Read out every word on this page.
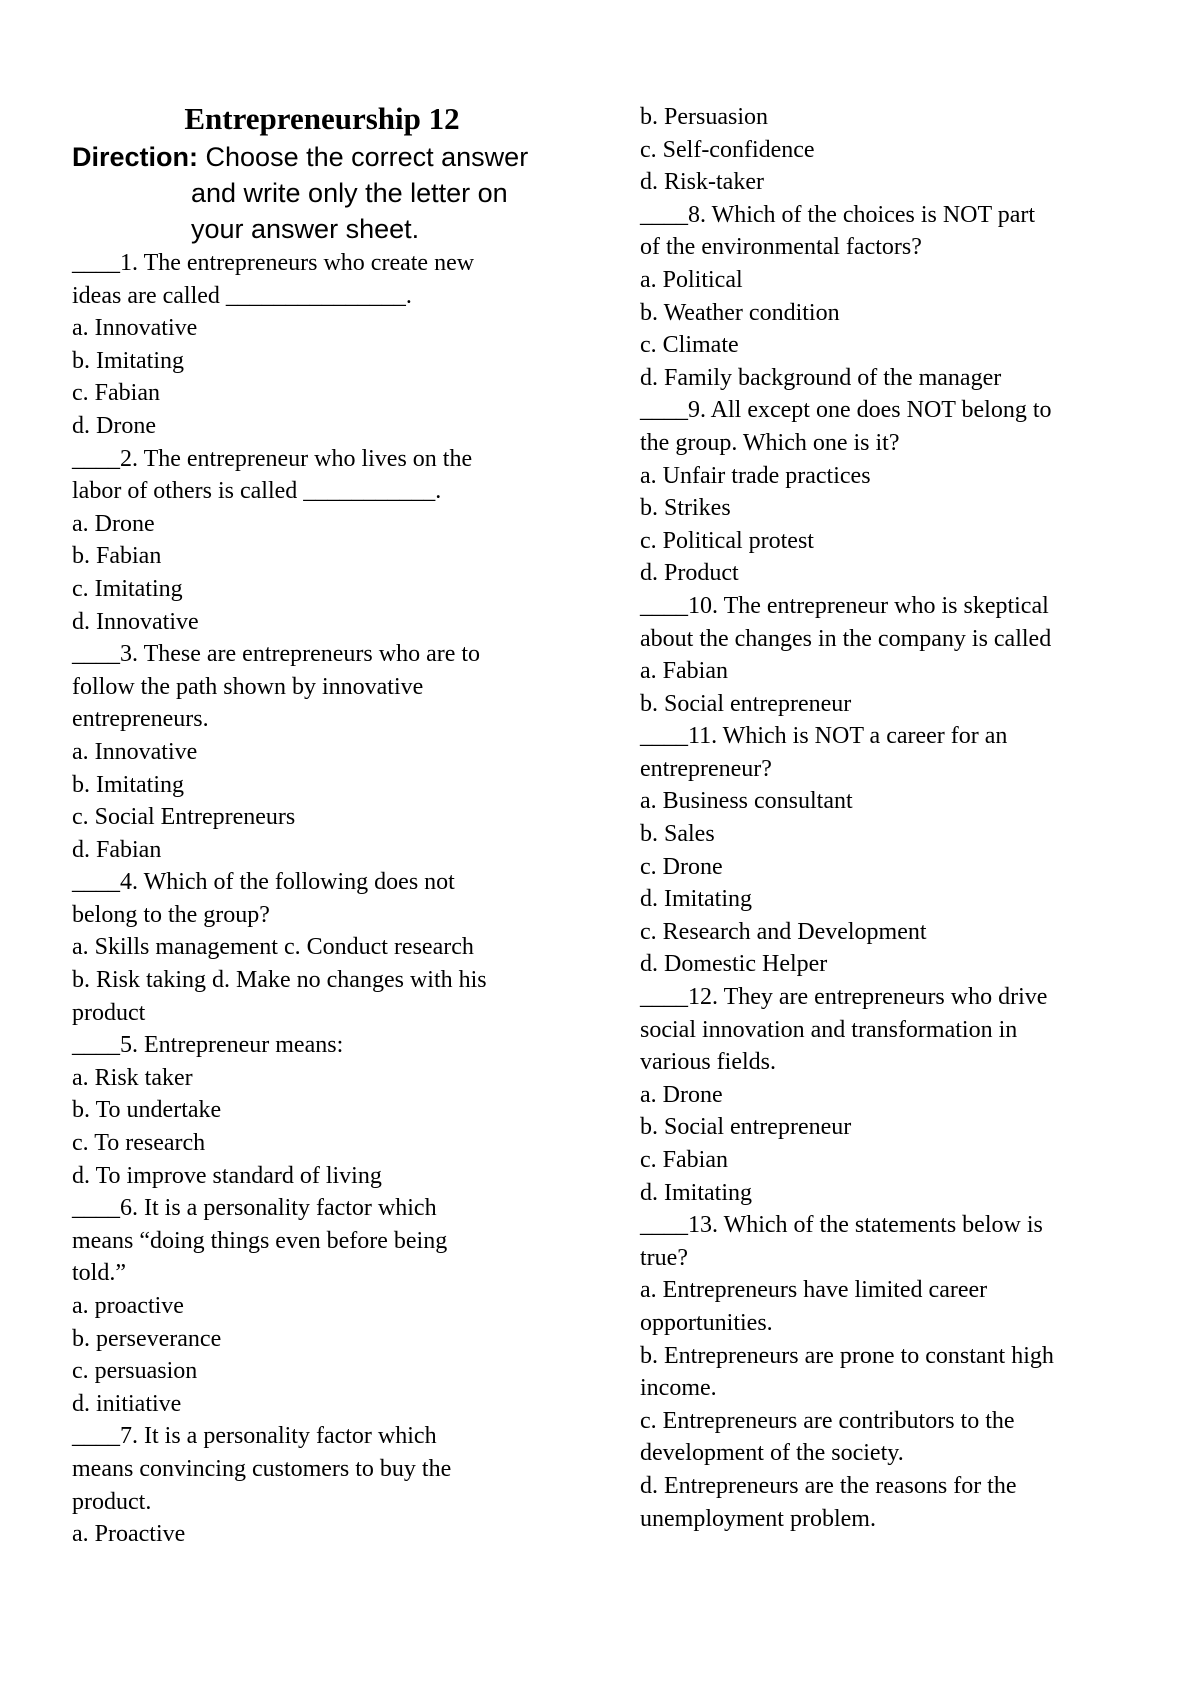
Entrepreneurship 12
Direction: Choose the correct answer
and write only the letter on
your answer sheet.
____1. The entrepreneurs who create new
ideas are called _______________.
a. Innovative
b. Imitating
c. Fabian
d. Drone
____2. The entrepreneur who lives on the
labor of others is called ___________.
a. Drone
b. Fabian
c. Imitating
d. Innovative
____3. These are entrepreneurs who are to
follow the path shown by innovative
entrepreneurs.
a. Innovative
b. Imitating
c. Social Entrepreneurs
d. Fabian
____4. Which of the following does not
belong to the group?
a. Skills management c. Conduct research
b. Risk taking d. Make no changes with his
product
____5. Entrepreneur means:
a. Risk taker
b. To undertake
c. To research
d. To improve standard of living
____6. It is a personality factor which
means “doing things even before being
told.”
a. proactive
b. perseverance
c. persuasion
d. initiative
____7. It is a personality factor which
means convincing customers to buy the
product.
a. Proactive
b. Persuasion
c. Self-confidence
d. Risk-taker
____8. Which of the choices is NOT part
of the environmental factors?
a. Political
b. Weather condition
c. Climate
d. Family background of the manager
____9. All except one does NOT belong to
the group. Which one is it?
a. Unfair trade practices
b. Strikes
c. Political protest
d. Product
____10. The entrepreneur who is skeptical
about the changes in the company is called
a. Fabian
b. Social entrepreneur
____11. Which is NOT a career for an
entrepreneur?
a. Business consultant
b. Sales
c. Drone
d. Imitating
c. Research and Development
d. Domestic Helper
____12. They are entrepreneurs who drive
social innovation and transformation in
various fields.
a. Drone
b. Social entrepreneur
c. Fabian
d. Imitating
____13. Which of the statements below is
true?
a. Entrepreneurs have limited career
opportunities.
b. Entrepreneurs are prone to constant high
income.
c. Entrepreneurs are contributors to the
development of the society.
d. Entrepreneurs are the reasons for the
unemployment problem.
